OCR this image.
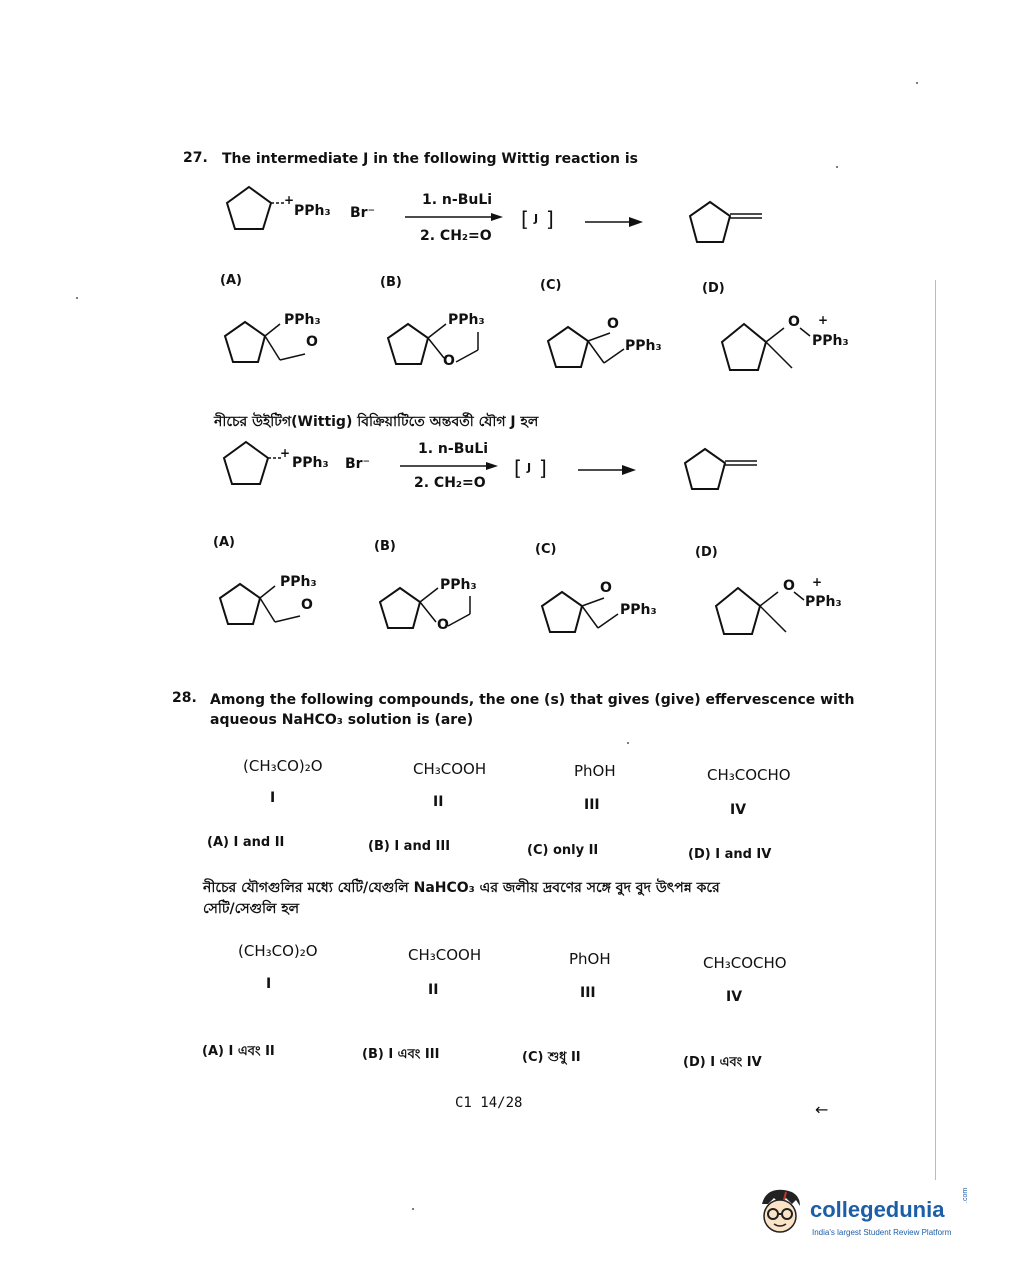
27. The intermediate J in the following Wittig reaction is
+
PPh₃ Br⁻
1. n-BuLi
2. CH₂=O
[ J ]
(A)	(B)	(C)	(D)
PPh₃
O
PPh₃
O
O
PPh₃
O +
PPh₃
নীচের উইটিগ(Wittig) বিক্রিয়াটিতে অন্তবর্তী যৌগ J হল
+
PPh₃ Br⁻
1. n-BuLi
2. CH₂=O
[ J ]
(A)	(B)	(C)	(D)
PPh₃
O
PPh₃
O
O
PPh₃
O +
PPh₃
28. Among the following compounds, the one (s) that gives (give) effervescence with
aqueous NaHCO₃ solution is (are)
(CH₃CO)₂O
I
CH₃COOH
II
PhOH
III
CH₃COCHO
IV
(A) I and II	(B) I and III	(C) only II	(D) I and IV
নীচের যৌগগুলির মধ্যে যেটি/যেগুলি NaHCO₃ এর জলীয় দ্রবণের সঙ্গে বুদ বুদ উৎপন্ন করে
সেটি/সেগুলি হল
(CH₃CO)₂O
I
CH₃COOH
II
PhOH
III
CH₃COCHO
IV
(A) I এবং II	(B) I এবং III	(C) শুধু II	(D) I এবং IV
C1 14/28	←
collegedunia
.com
India's largest Student Review Platform
